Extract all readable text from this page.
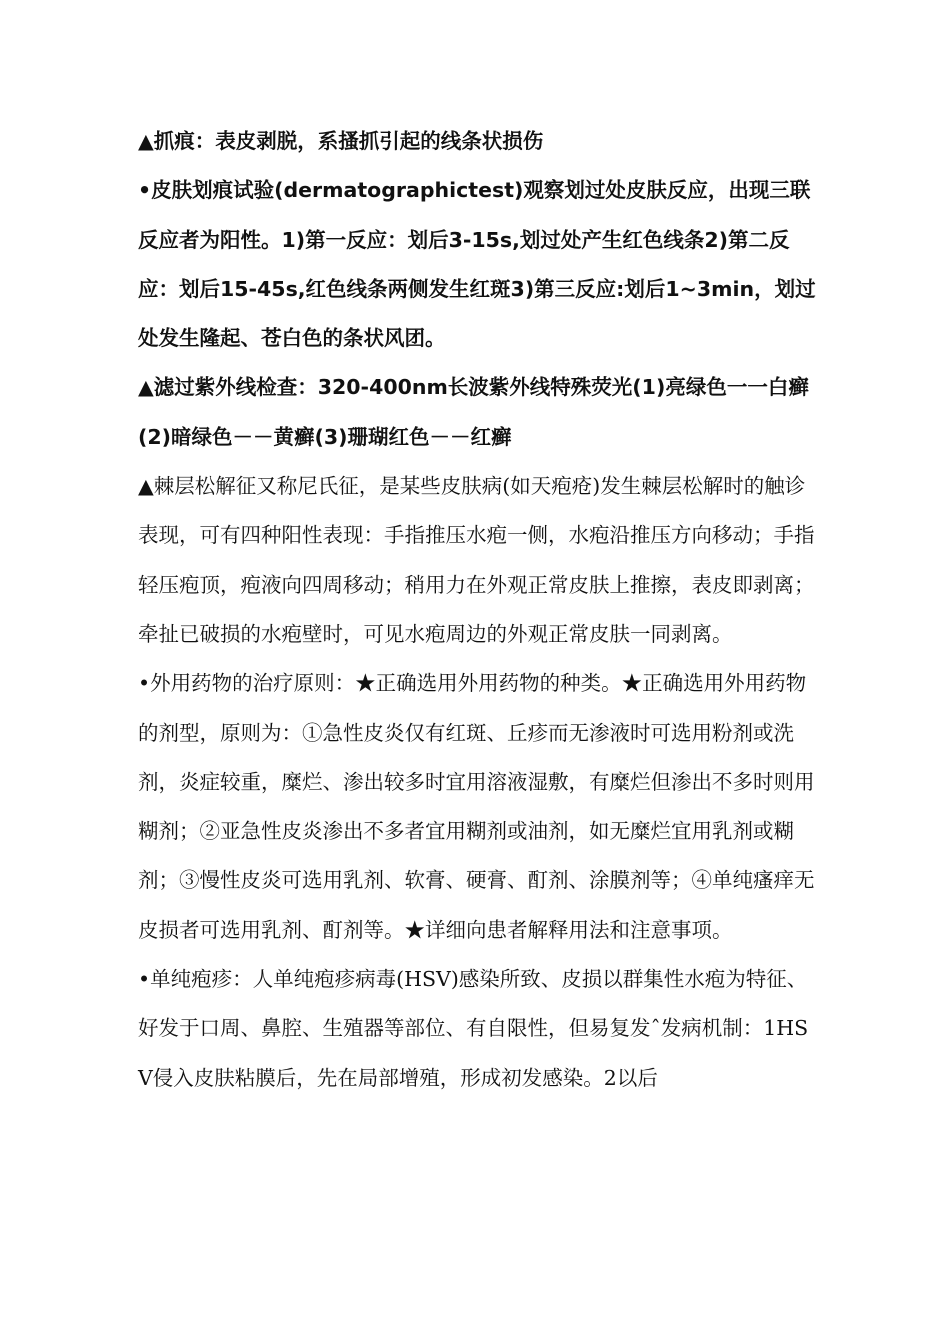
▲抓痕：表皮剥脱，系搔抓引起的线条状损伤

•皮肤划痕试验(dermatographictest)观察划过处皮肤反应，出现三联反应者为阳性。1)第一反应：划后3-15s,划过处产生红色线条2)第二反应：划后15-45s,红色线条两侧发生红斑3)第三反应:划后1~3min，划过处发生隆起、苍白色的条状风团。

▲滤过紫外线检查：320-400nm长波紫外线特殊荧光(1)亮绿色一一白癣(2)暗绿色－－黄癣(3)珊瑚红色－－红癣

▲棘层松解征又称尼氏征，是某些皮肤病(如天疱疮)发生棘层松解时的触诊表现，可有四种阳性表现：手指推压水疱一侧，水疱沿推压方向移动；手指轻压疱顶，疱液向四周移动；稍用力在外观正常皮肤上推擦，表皮即剥离；牵扯已破损的水疱壁时，可见水疱周边的外观正常皮肤一同剥离。

•外用药物的治疗原则：★正确选用外用药物的种类。★正确选用外用药物的剂型，原则为：①急性皮炎仅有红斑、丘疹而无渗液时可选用粉剂或洗剂，炎症较重，糜烂、渗出较多时宜用溶液湿敷，有糜烂但渗出不多时则用糊剂；②亚急性皮炎渗出不多者宜用糊剂或油剂，如无糜烂宜用乳剂或糊剂；③慢性皮炎可选用乳剂、软膏、硬膏、酊剂、涂膜剂等；④单纯瘙痒无皮损者可选用乳剂、酊剂等。★详细向患者解释用法和注意事项。

•单纯疱疹：人单纯疱疹病毒(HSV)感染所致、皮损以群集性水疱为特征、好发于口周、鼻腔、生殖器等部位、有自限性，但易复发ˆ发病机制：1HSV侵入皮肤粘膜后，先在局部增殖，形成初发感染。2以后
